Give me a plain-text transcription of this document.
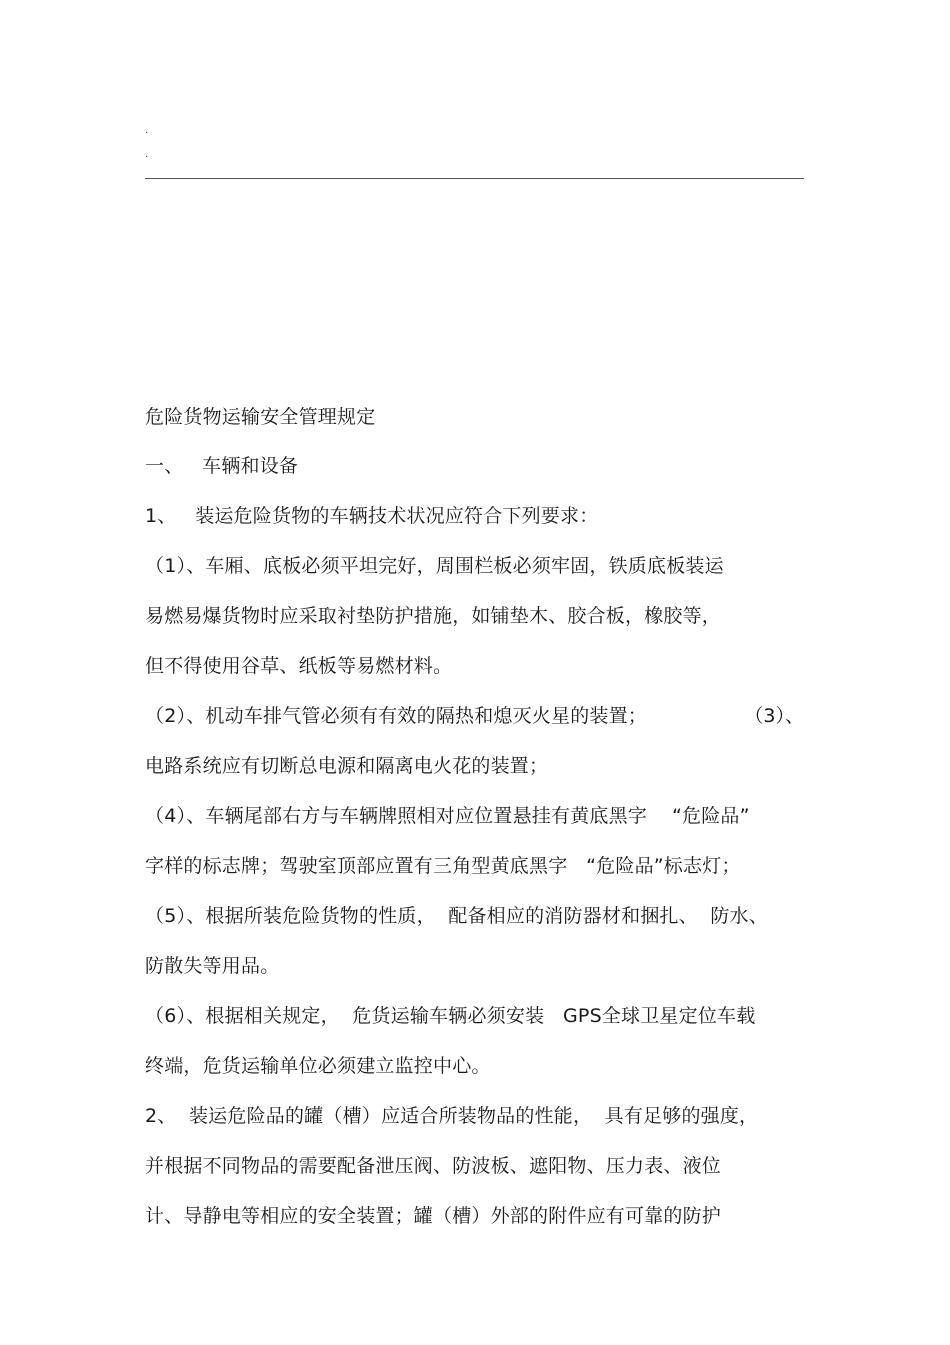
.
.
危险货物运输安全管理规定
一、   车辆和设备
1、   装运危险货物的车辆技术状况应符合下列要求：
（1）、车厢、底板必须平坦完好，周围栏板必须牢固，铁质底板装运
易燃易爆货物时应采取衬垫防护措施，如铺垫木、胶合板，橡胶等，
但不得使用谷草、纸板等易燃材料。
（2）、机动车排气管必须有有效的隔热和熄灭火星的装置；	（3）、
电路系统应有切断总电源和隔离电火花的装置；
（4）、车辆尾部右方与车辆牌照相对应位置悬挂有黄底黑字    “危险品”
字样的标志牌；驾驶室顶部应置有三角型黄底黑字   “危险品”标志灯；
（5）、根据所装危险货物的性质，  配备相应的消防器材和捆扎、  防水、
防散失等用品。
（6）、根据相关规定，  危货运输车辆必须安装   GPS全球卫星定位车载
终端，危货运输单位必须建立监控中心。
2、  装运危险品的罐（槽）应适合所装物品的性能，  具有足够的强度，
并根据不同物品的需要配备泄压阀、防波板、遮阳物、压力表、液位
计、导静电等相应的安全装置；罐（槽）外部的附件应有可靠的防护
